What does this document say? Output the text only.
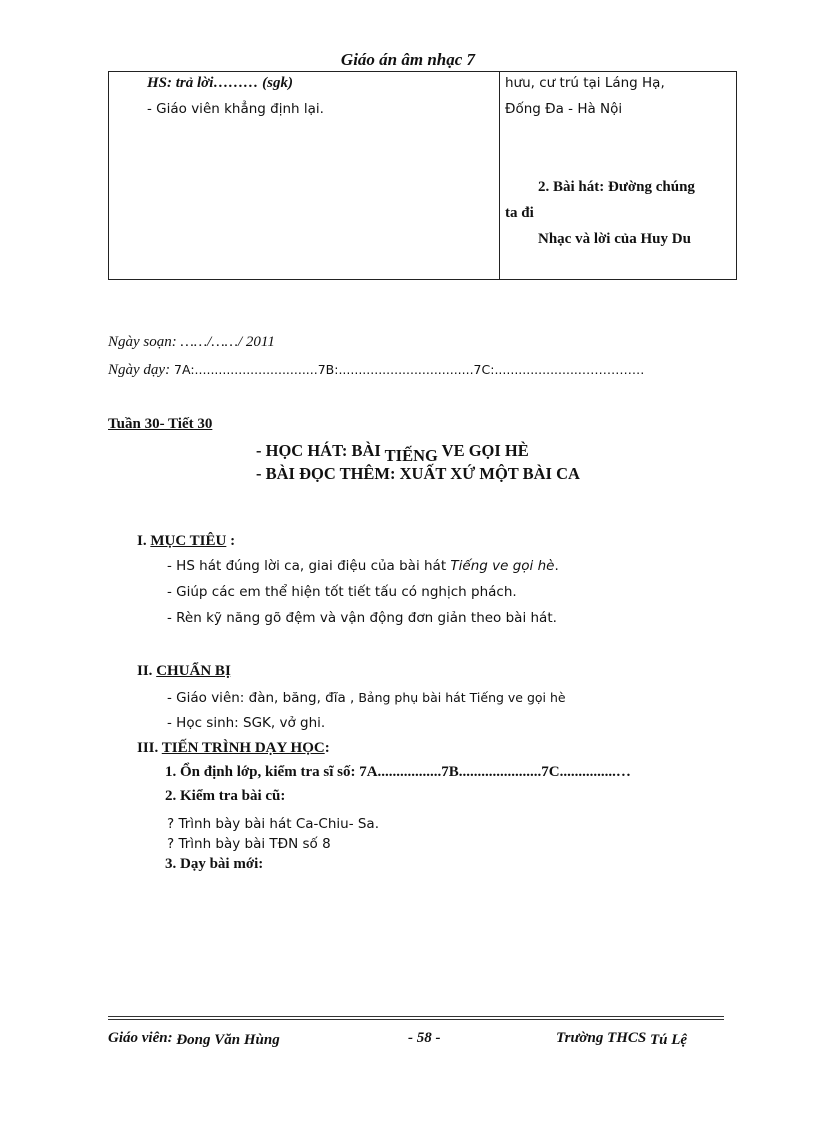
Giáo án âm nhạc 7
HS: trả lời……… (sgk)
- Giáo viên khẳng định lại.
hưu, cư trú tại Láng Hạ,
Đống Đa - Hà Nội
2. Bài hát: Đường chúng
ta đi
Nhạc và lời của Huy Du
Ngày soạn: ……/……/ 2011
Ngày dạy: 7A:...............................7B:..................................7C:......................……………
Tuần 30- Tiết 30
- HỌC HÁT: BÀI TIẾNG VE GỌI HÈ
- BÀI ĐỌC THÊM: XUẤT XỨ MỘT BÀI CA
I. MỤC TIÊU :
- HS hát đúng lời ca, giai điệu của bài hát Tiếng ve gọi hè.
- Giúp các em thể hiện tốt tiết tấu có nghịch phách.
- Rèn kỹ năng gõ đệm và vận động đơn giản theo bài hát.
II. CHUẨN BỊ
- Giáo viên: đàn, băng, đĩa , Bảng phụ bài hát Tiếng ve gọi hè
- Học sinh: SGK, vở ghi.
III. TIẾN TRÌNH DẠY HỌC:
1. Ổn định lớp, kiểm tra sĩ số: 7A.................7B......................7C...............…
2. Kiểm tra bài cũ:
? Trình bày bài hát Ca-Chiu- Sa.
? Trình bày bài TĐN số 8
3. Dạy bài mới:
Giáo viên: Đong Văn Hùng	- 58 -	Trường THCS Tú Lệ
